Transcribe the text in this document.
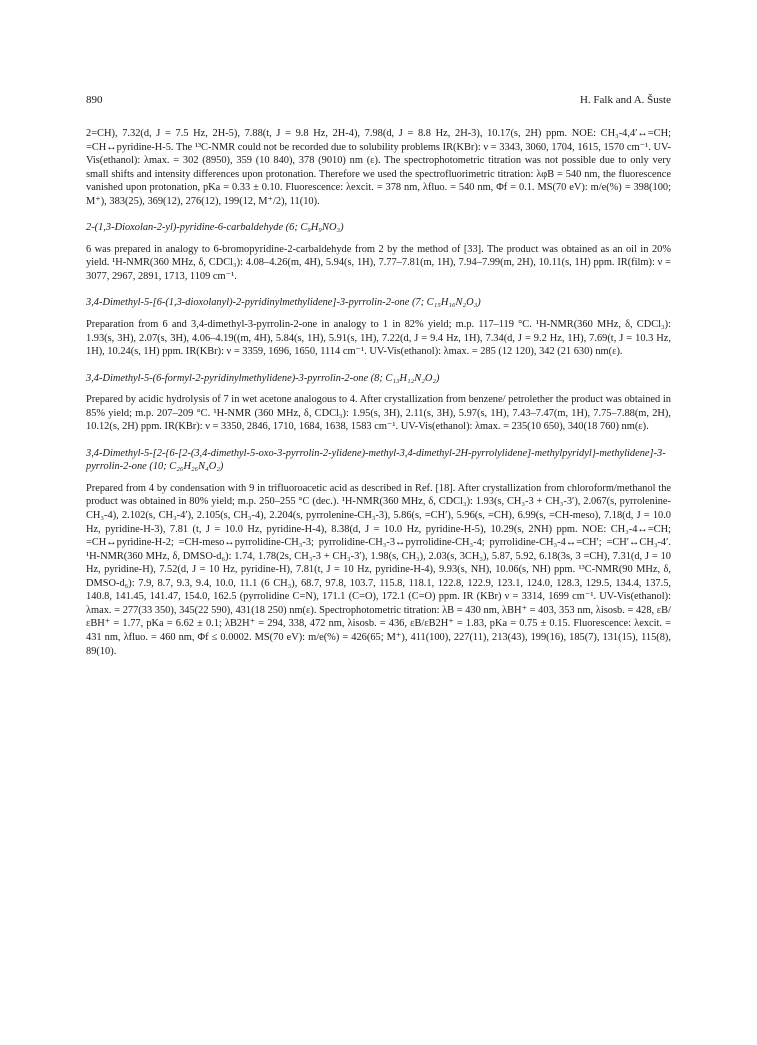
890	H. Falk and A. Šuste

2=CH), 7.32(d, J = 7.5 Hz, 2H-5), 7.88(t, J = 9.8 Hz, 2H-4), 7.98(d, J = 8.8 Hz, 2H-3), 10.17(s, 2H) ppm. NOE: CH₃-4,4′↔=CH; =CH↔pyridine-H-5. The ¹³C-NMR could not be recorded due to solubility problems IR(KBr): ν = 3343, 3060, 1704, 1615, 1570 cm⁻¹. UV-Vis(ethanol): λmax. = 302 (8950), 359 (10 840), 378 (9010) nm (ε). The spectrophotometric titration was not possible due to only very small shifts and intensity differences upon protonation. Therefore we used the spectrofluorimetric titration: λφB = 540 nm, the fluorescence vanished upon protonation, pKa = 0.33 ± 0.10. Fluorescence: λexcit. = 378 nm, λfluo. = 540 nm, Φf = 0.1. MS(70 eV): m/e(%) = 398(100; M⁺), 383(25), 369(12), 276(12), 199(12, M⁺/2), 11(10).

2-(1,3-Dioxolan-2-yl)-pyridine-6-carbaldehyde (6; C₉H₉NO₃)

6 was prepared in analogy to 6-bromopyridine-2-carbaldehyde from 2 by the method of [33]. The product was obtained as an oil in 20% yield. ¹H-NMR(360 MHz, δ, CDCl₃): 4.08–4.26(m, 4H), 5.94(s, 1H), 7.77–7.81(m, 1H), 7.94–7.99(m, 2H), 10.11(s, 1H) ppm. IR(film): ν = 3077, 2967, 2891, 1713, 1109 cm⁻¹.

3,4-Dimethyl-5-[6-(1,3-dioxolanyl)-2-pyridinylmethylidene]-3-pyrrolin-2-one (7; C₁₅H₁₆N₂O₃)

Preparation from 6 and 3,4-dimethyl-3-pyrrolin-2-one in analogy to 1 in 82% yield; m.p. 117–119 °C. ¹H-NMR(360 MHz, δ, CDCl₃): 1.93(s, 3H), 2.07(s, 3H), 4.06–4.19((m, 4H), 5.84(s, 1H), 5.91(s, 1H), 7.22(d, J = 9.4 Hz, 1H), 7.34(d, J = 9.2 Hz, 1H), 7.69(t, J = 10.3 Hz, 1H), 10.24(s, 1H) ppm. IR(KBr): ν = 3359, 1696, 1650, 1114 cm⁻¹. UV-Vis(ethanol): λmax. = 285 (12 120), 342 (21 630) nm(ε).

3,4-Dimethyl-5-(6-formyl-2-pyridinylmethylidene)-3-pyrrolin-2-one (8; C₁₃H₁₂N₂O₂)

Prepared by acidic hydrolysis of 7 in wet acetone analogous to 4. After crystallization from benzene/ petrolether the product was obtained in 85% yield; m.p. 207–209 °C. ¹H-NMR (360 MHz, δ, CDCl₃): 1.95(s, 3H), 2.11(s, 3H), 5.97(s, 1H), 7.43–7.47(m, 1H), 7.75–7.88(m, 2H), 10.12(s, 2H) ppm. IR(KBr): ν = 3350, 2846, 1710, 1684, 1638, 1583 cm⁻¹. UV-Vis(ethanol): λmax. = 235(10 650), 340(18 760) nm(ε).

3,4-Dimethyl-5-[2-{6-[2-(3,4-dimethyl-5-oxo-3-pyrrolin-2-ylidene)-methyl-3,4-dimethyl-2H-pyrrolylidene]-methylpyridyl}-methylidene]-3-pyrrolin-2-one (10; C₂₆H₂₆N₄O₂)

Prepared from 4 by condensation with 9 in trifluoroacetic acid as described in Ref. [18]. After crystallization from chloroform/methanol the product was obtained in 80% yield; m.p. 250–255 °C (dec.). ¹H-NMR(360 MHz, δ, CDCl₃): 1.93(s, CH₃-3 + CH₃-3′), 2.067(s, pyrrolenine-CH₃-4), 2.102(s, CH₃-4′), 2.105(s, CH₃-4), 2.204(s, pyrrolenine-CH₃-3), 5.86(s, =CH′), 5.96(s, =CH), 6.99(s, =CH-meso), 7.18(d, J = 10.0 Hz, pyridine-H-3), 7.81 (t, J = 10.0 Hz, pyridine-H-4), 8.38(d, J = 10.0 Hz, pyridine-H-5), 10.29(s, 2NH) ppm. NOE: CH₃-4↔=CH; =CH↔pyridine-H-2; =CH-meso↔pyrrolidine-CH₃-3; pyrrolidine-CH₃-3↔pyrrolidine-CH₃-4; pyrrolidine-CH₃-4↔=CH′; =CH′↔CH₃-4′. ¹H-NMR(360 MHz, δ, DMSO-d₆): 1.74, 1.78(2s, CH₃-3 + CH₃-3′), 1.98(s, CH₃), 2.03(s, 3CH₃), 5.87, 5.92, 6.18(3s, 3 =CH), 7.31(d, J = 10 Hz, pyridine-H), 7.52(d, J = 10 Hz, pyridine-H), 7.81(t, J = 10 Hz, pyridine-H-4), 9.93(s, NH), 10.06(s, NH) ppm. ¹³C-NMR(90 MHz, δ, DMSO-d₆): 7.9, 8.7, 9.3, 9.4, 10.0, 11.1 (6 CH₃), 68.7, 97.8, 103.7, 115.8, 118.1, 122.8, 122.9, 123.1, 124.0, 128.3, 129.5, 134.4, 137.5, 140.8, 141.45, 141.47, 154.0, 162.5 (pyrrolidine C=N), 171.1 (C=O), 172.1 (C=O) ppm. IR (KBr) ν = 3314, 1699 cm⁻¹. UV-Vis(ethanol): λmax. = 277(33 350), 345(22 590), 431(18 250) nm(ε). Spectrophotometric titration: λB = 430 nm, λBH⁺ = 403, 353 nm, λisosb. = 428, εB/εBH⁺ = 1.77, pKa = 6.62 ± 0.1; λB2H⁺ = 294, 338, 472 nm, λisosb. = 436, εB/εB2H⁺ = 1.83, pKa = 0.75 ± 0.15. Fluorescence: λexcit. = 431 nm, λfluo. = 460 nm, Φf ≤ 0.0002. MS(70 eV): m/e(%) = 426(65; M⁺), 411(100), 227(11), 213(43), 199(16), 185(7), 131(15), 115(8), 89(10).
